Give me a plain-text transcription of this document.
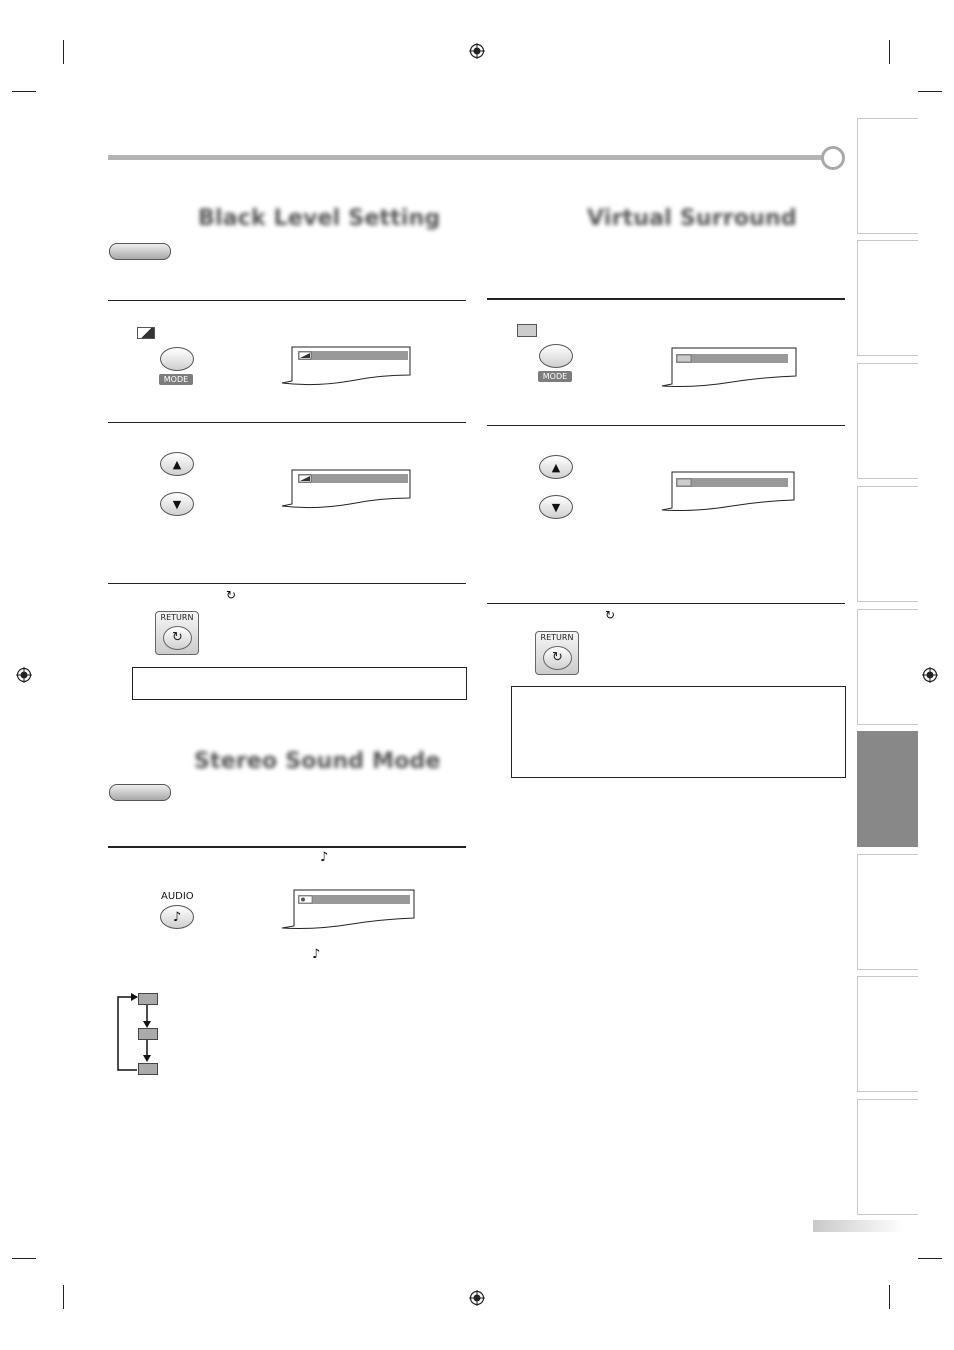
Black Level Setting
MODE
▲
▼
↻
RETURN
↻
Stereo Sound Mode
♪
AUDIO
♪
♪
Virtual Surround
MODE
▲
▼
↻
RETURN
↻
